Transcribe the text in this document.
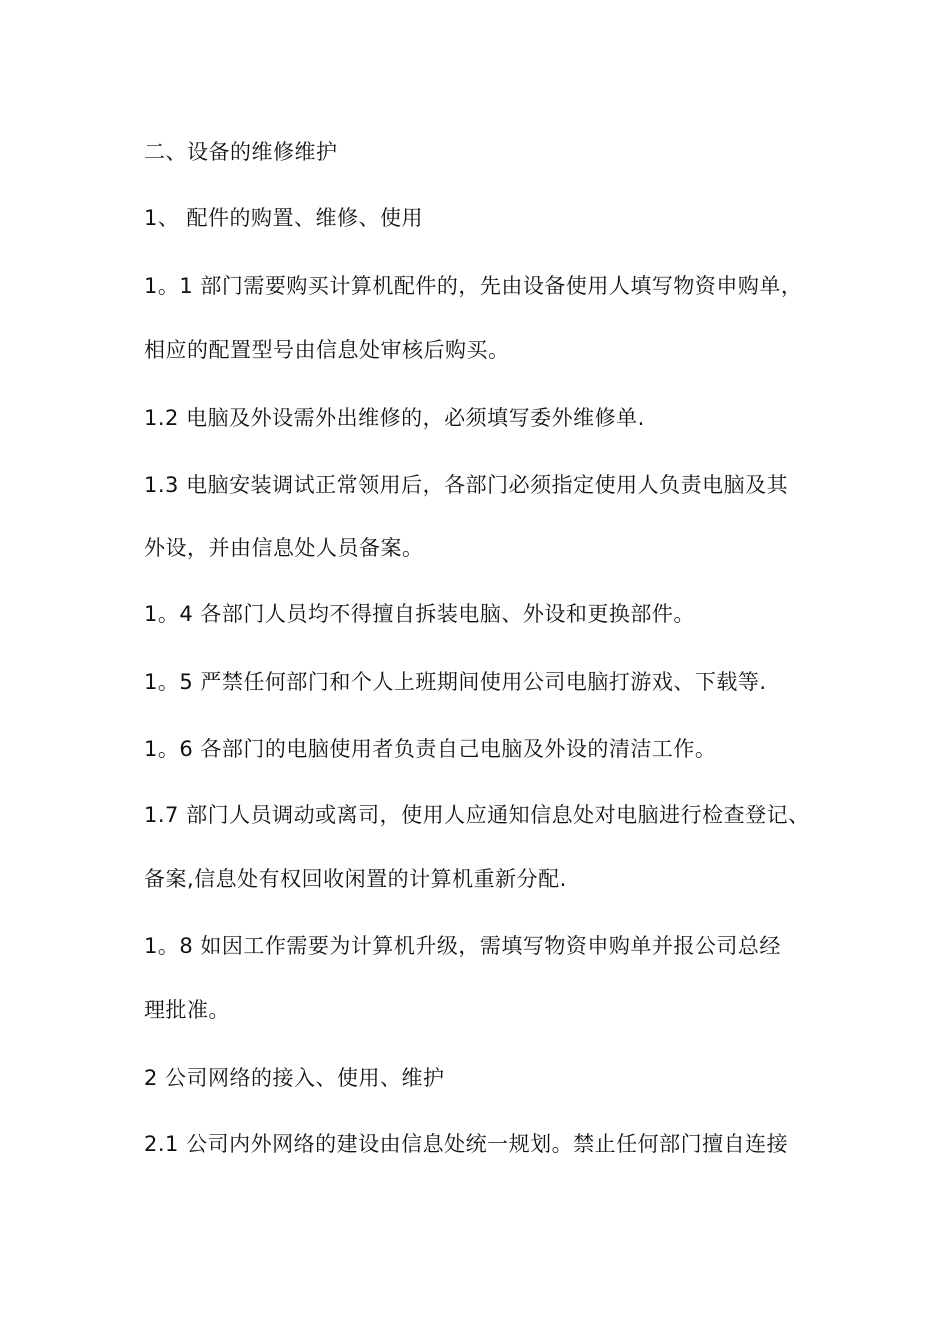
二、设备的维修维护
1、 配件的购置、维修、使用
1。1 部门需要购买计算机配件的，先由设备使用人填写物资申购单，
相应的配置型号由信息处审核后购买。
1.2 电脑及外设需外出维修的，必须填写委外维修单.
1.3 电脑安装调试正常领用后，各部门必须指定使用人负责电脑及其
外设，并由信息处人员备案。
1。4 各部门人员均不得擅自拆装电脑、外设和更换部件。
1。5 严禁任何部门和个人上班期间使用公司电脑打游戏、下载等.
1。6 各部门的电脑使用者负责自己电脑及外设的清洁工作。
1.7 部门人员调动或离司，使用人应通知信息处对电脑进行检查登记、
备案,信息处有权回收闲置的计算机重新分配.
1。8 如因工作需要为计算机升级，需填写物资申购单并报公司总经
理批准。
2 公司网络的接入、使用、维护
2.1 公司内外网络的建设由信息处统一规划。禁止任何部门擅自连接
